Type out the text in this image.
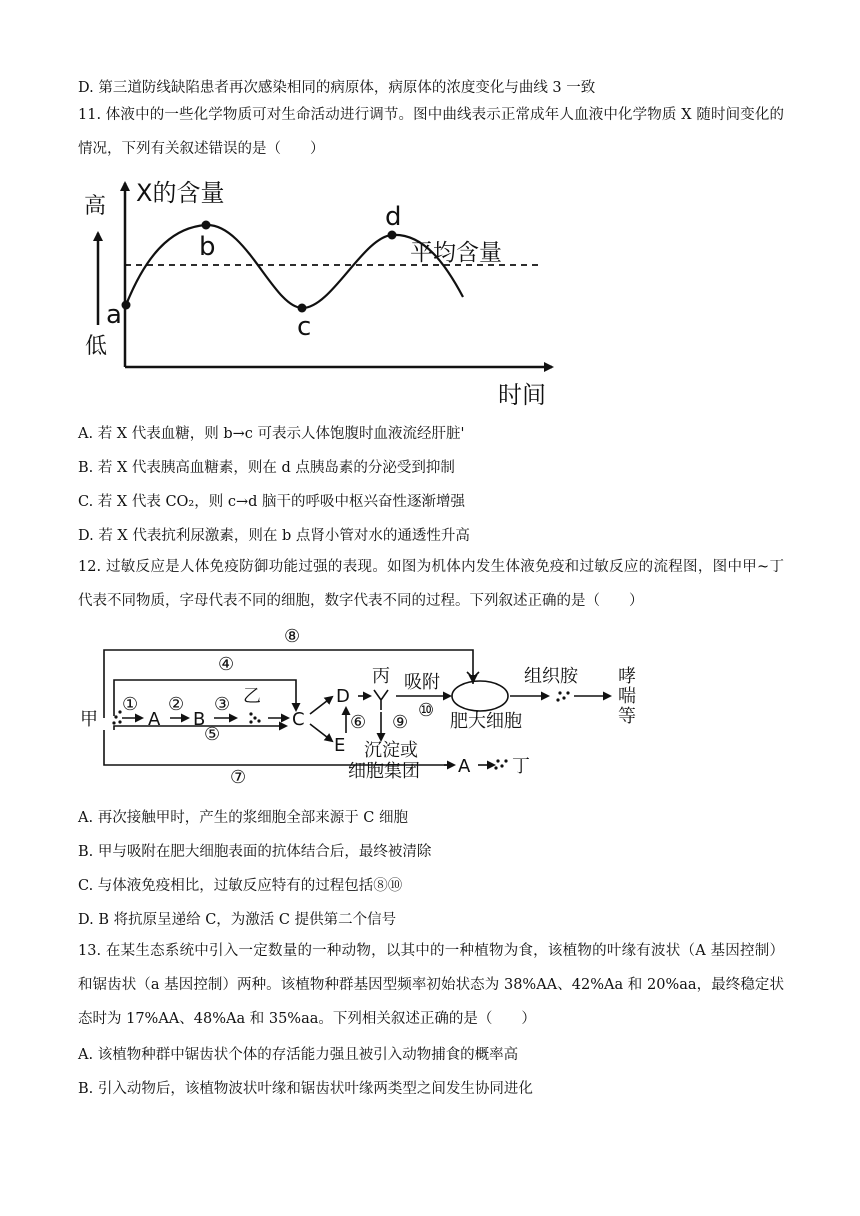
D. 第三道防线缺陷患者再次感染相同的病原体，病原体的浓度变化与曲线 3 一致
11. 体液中的一些化学物质可对生命活动进行调节。图中曲线表示正常成年人血液中化学物质 X 随时间变化的情况，下列有关叙述错误的是（　　）
X的含量
高
低
时间
平均含量
a
b
c
d
A. 若 X 代表血糖，则 b→c 可表示人体饱腹时血液流经肝脏'
B. 若 X 代表胰高血糖素，则在 d 点胰岛素的分泌受到抑制
C. 若 X 代表 CO₂，则 c→d 脑干的呼吸中枢兴奋性逐渐增强
D. 若 X 代表抗利尿激素，则在 b 点肾小管对水的通透性升高
12. 过敏反应是人体免疫防御功能过强的表现。如图为机体内发生体液免疫和过敏反应的流程图，图中甲~丁代表不同物质，字母代表不同的细胞，数字代表不同的过程。下列叙述正确的是（　　）
甲	A B
乙
C
D
E
丙 吸附
肥大细胞
组织胺 哮
喘
等
沉淀或
细胞集团 A 丁
① ② ③
④
⑤
⑥
⑦
⑧
⑨
⑩
A. 再次接触甲时，产生的浆细胞全部来源于 C 细胞
B. 甲与吸附在肥大细胞表面的抗体结合后，最终被清除
C. 与体液免疫相比，过敏反应特有的过程包括⑧⑩
D. B 将抗原呈递给 C，为激活 C 提供第二个信号
13. 在某生态系统中引入一定数量的一种动物，以其中的一种植物为食，该植物的叶缘有波状（A 基因控制）和锯齿状（a 基因控制）两种。该植物种群基因型频率初始状态为 38%AA、42%Aa 和 20%aa，最终稳定状态时为 17%AA、48%Aa 和 35%aa。下列相关叙述正确的是（　　）
A. 该植物种群中锯齿状个体的存活能力强且被引入动物捕食的概率高
B. 引入动物后，该植物波状叶缘和锯齿状叶缘两类型之间发生协同进化
